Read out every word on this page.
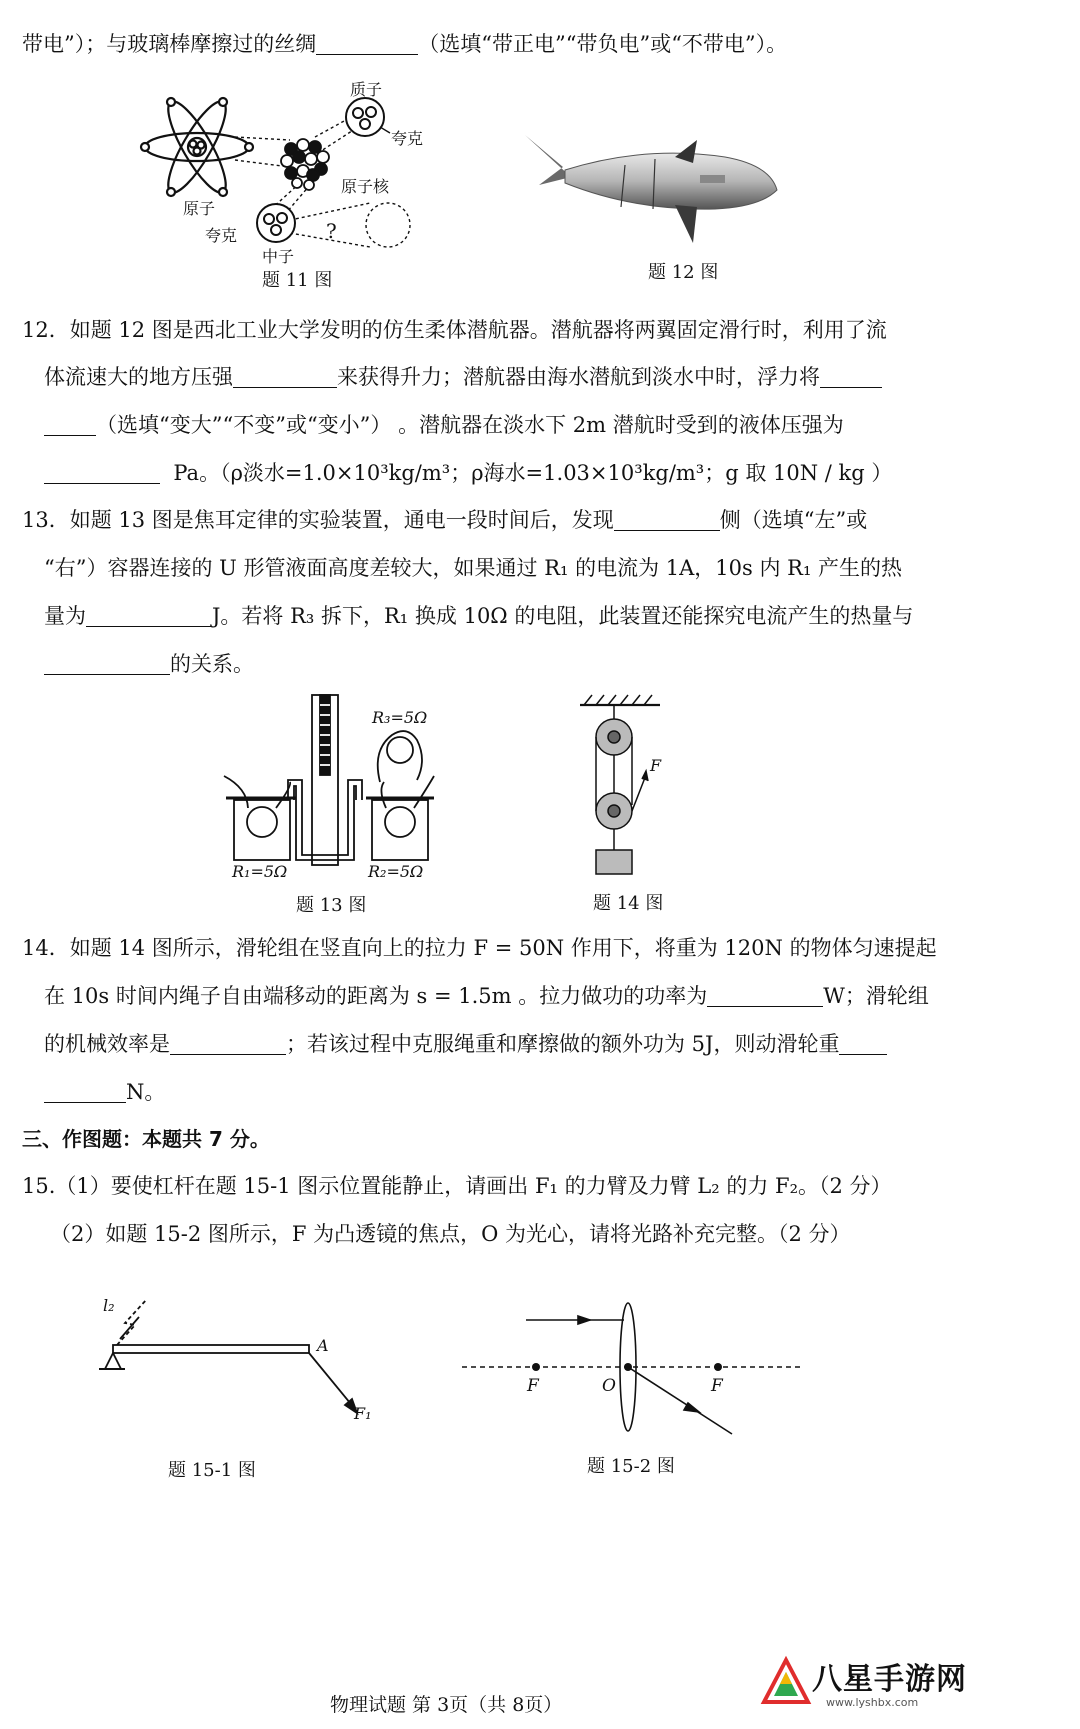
带电”）；与玻璃棒摩擦过的丝绸	（选填“带正电”“带负电”或“不带电”）。
质子
夸克
原子核
原子
夸克
中子
?
题 11 图	题 12 图
12．如题 12 图是西北工业大学发明的仿生柔体潜航器。潜航器将两翼固定滑行时，利用了流
体流速大的地方压强	来获得升力；潜航器由海水潜航到淡水中时，浮力将
（选填“变大”“不变”或“变小”） 。潜航器在淡水下 2m 潜航时受到的液体压强为
Pa。（ρ淡水=1.0×10³kg/m³；ρ海水=1.03×10³kg/m³；g 取 10N / kg ）
13．如题 13 图是焦耳定律的实验装置，通电一段时间后，发现	侧（选填“左”或
“右”）容器连接的 U 形管液面高度差较大，如果通过 R₁ 的电流为 1A，10s 内 R₁ 产生的热
量为	J。若将 R₃ 拆下，R₁ 换成 10Ω 的电阻，此装置还能探究电流产生的热量与
的关系。
R₃=5Ω
R₁=5Ω	R₂=5Ω
题 13 图
F
题 14 图
14．如题 14 图所示，滑轮组在竖直向上的拉力 F = 50N 作用下，将重为 120N 的物体匀速提起
在 10s 时间内绳子自由端移动的距离为 s = 1.5m 。拉力做功的功率为	W；滑轮组
的机械效率是	；若该过程中克服绳重和摩擦做的额外功为 5J，则动滑轮重
N。
三、作图题：本题共 7 分。
15.（1）要使杠杆在题 15-1 图示位置能静止，请画出 F₁ 的力臂及力臂 L₂ 的力 F₂。（2 分）
（2）如题 15-2 图所示，F 为凸透镜的焦点，O 为光心，请将光路补充完整。（2 分）
l₂
A
F₁
题 15-1 图
F	O	F
题 15-2 图
物理试题 第 3页（共 8页）
八星手游网
www.lyshbx.com
